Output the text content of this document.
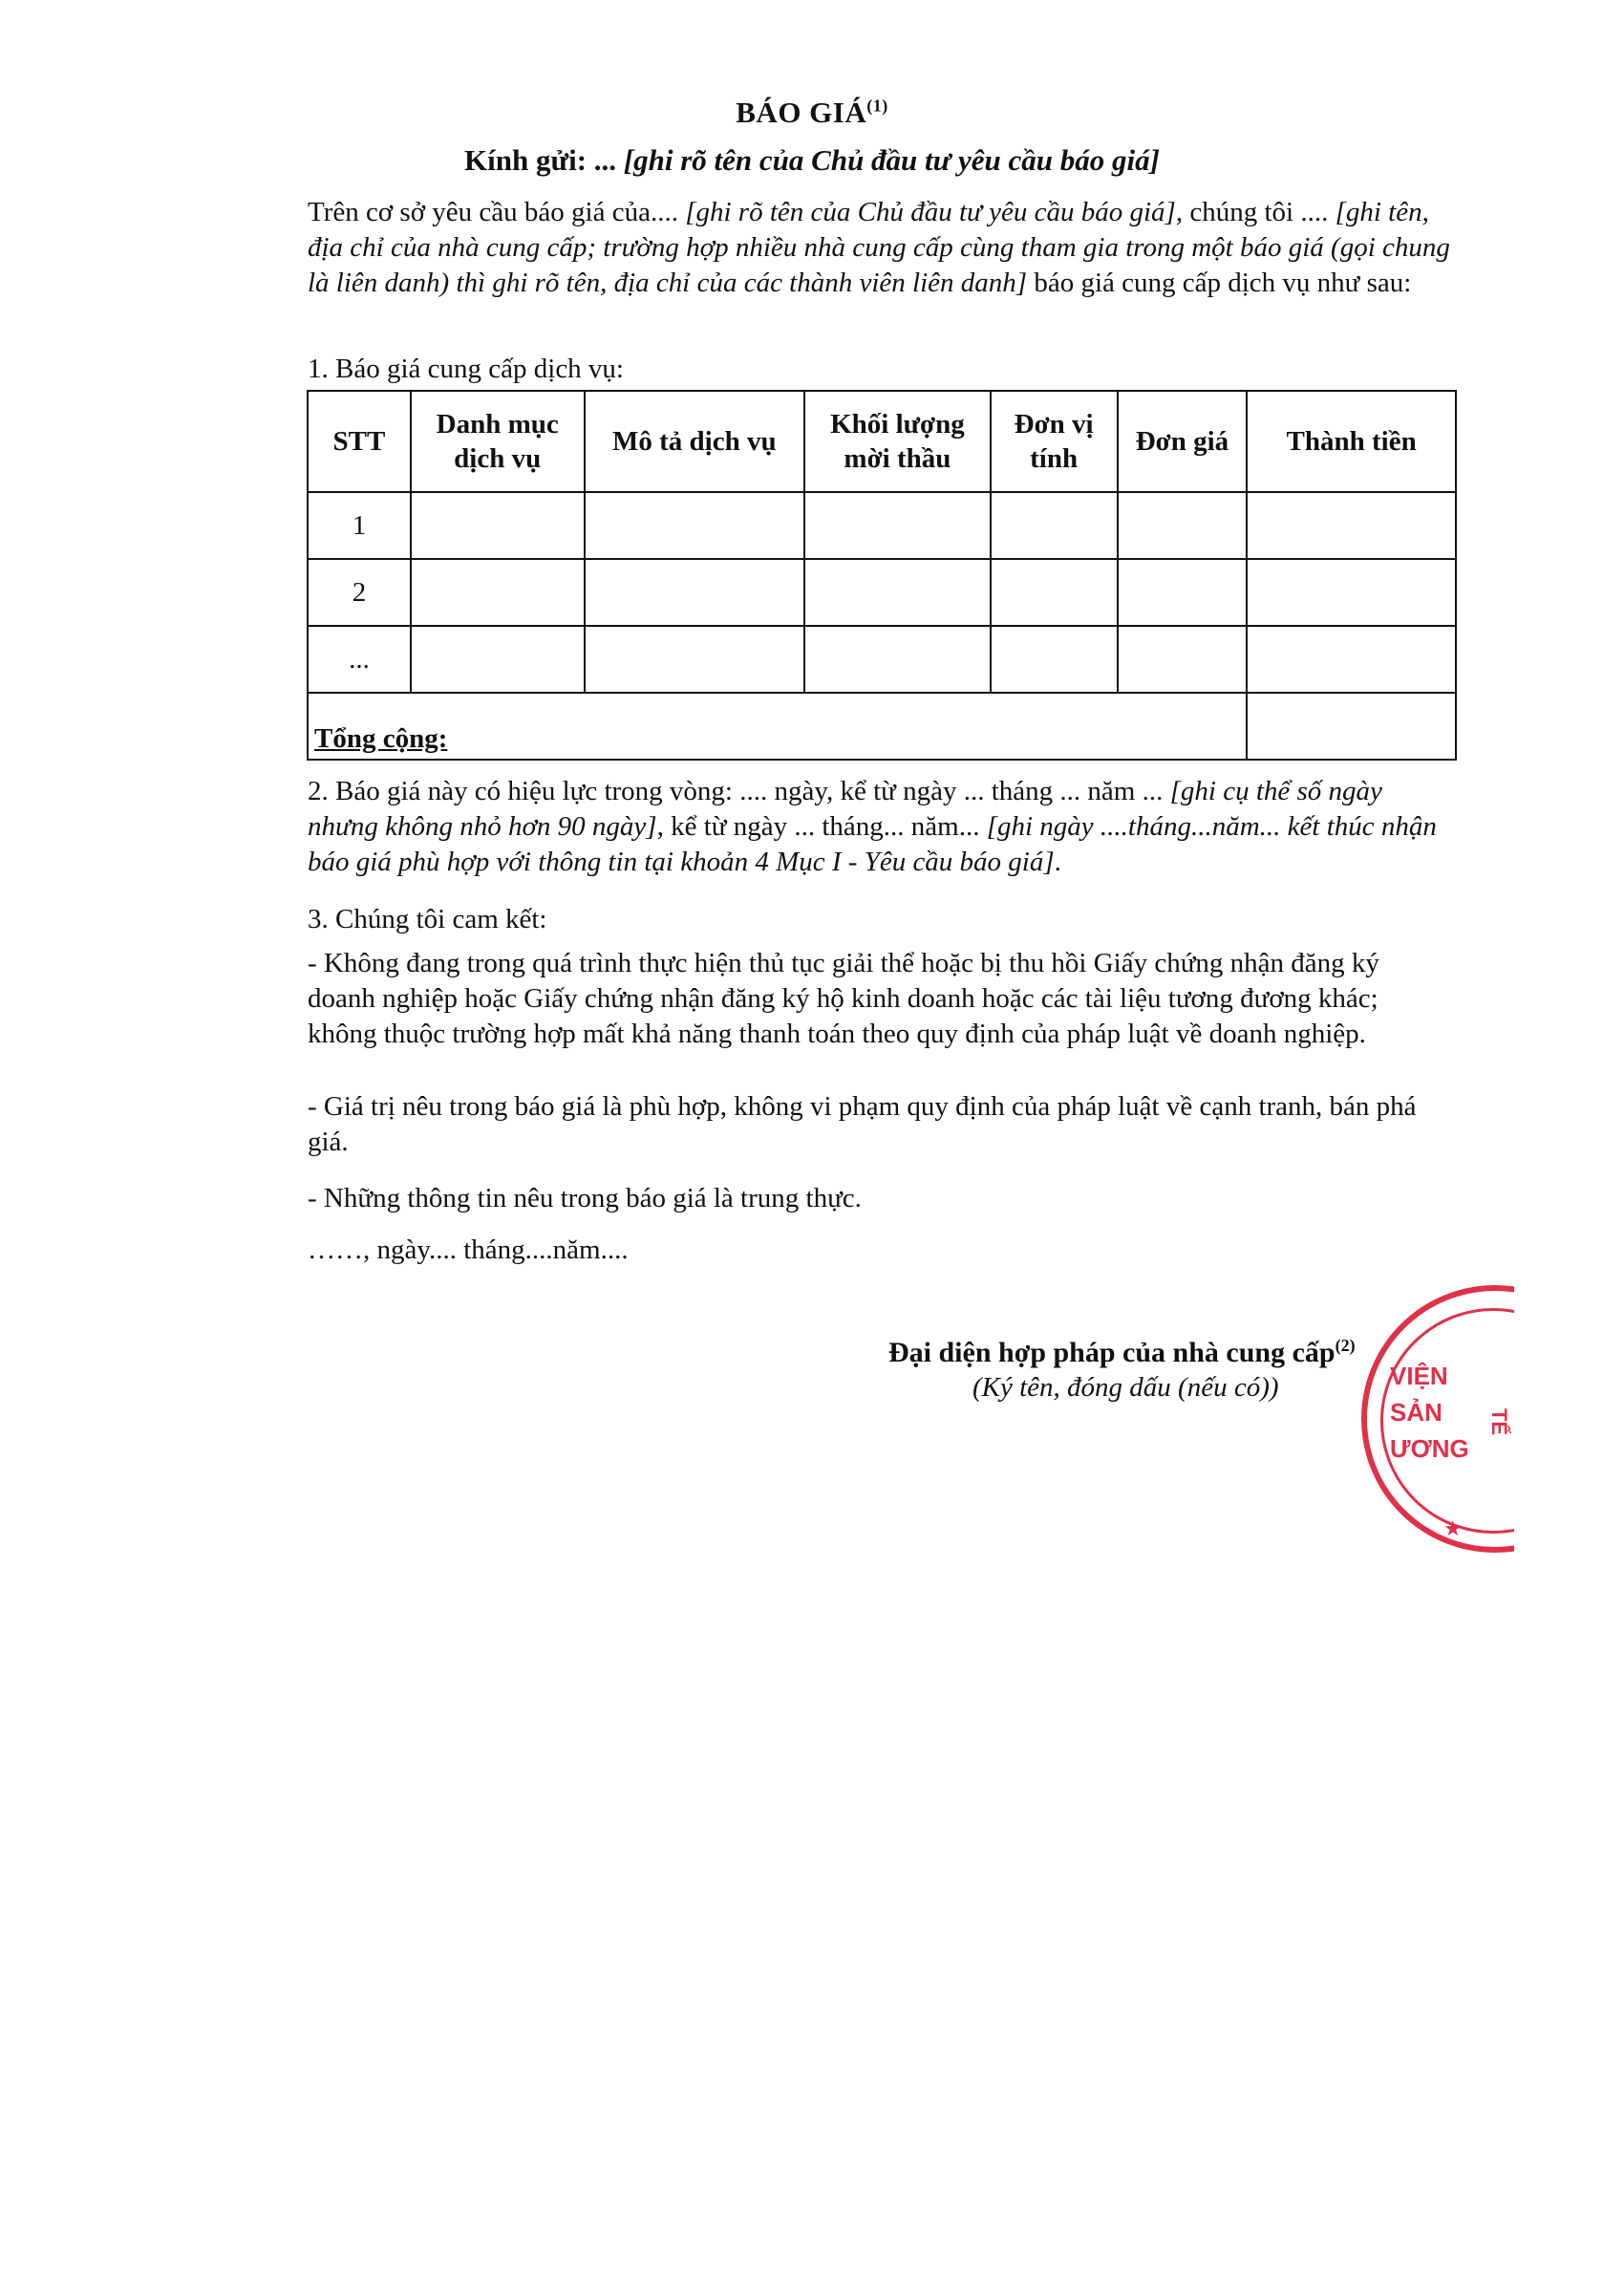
BÁO GIÁ$^{(1)}$
Kính gửi: ... [ghi rõ tên của Chủ đầu tư yêu cầu báo giá]
Trên cơ sở yêu cầu báo giá của.... [ghi rõ tên của Chủ đầu tư yêu cầu báo giá], chúng tôi .... [ghi tên, địa chỉ của nhà cung cấp; trường hợp nhiều nhà cung cấp cùng tham gia trong một báo giá (gọi chung là liên danh) thì ghi rõ tên, địa chỉ của các thành viên liên danh] báo giá cung cấp dịch vụ như sau:
1. Báo giá cung cấp dịch vụ:
STT	Danh mục dịch vụ	Mô tả dịch vụ	Khối lượng mời thầu	Đơn vị tính	Đơn giá	Thành tiền
1						
2						
...						
Tổng cộng:						
2. Báo giá này có hiệu lực trong vòng: .... ngày, kể từ ngày ... tháng ... năm ... [ghi cụ thể số ngày nhưng không nhỏ hơn 90 ngày], kể từ ngày ... tháng... năm... [ghi ngày ....tháng...năm... kết thúc nhận báo giá phù hợp với thông tin tại khoản 4 Mục I - Yêu cầu báo giá].
3. Chúng tôi cam kết:
- Không đang trong quá trình thực hiện thủ tục giải thể hoặc bị thu hồi Giấy chứng nhận đăng ký doanh nghiệp hoặc Giấy chứng nhận đăng ký hộ kinh doanh hoặc các tài liệu tương đương khác; không thuộc trường hợp mất khả năng thanh toán theo quy định của pháp luật về doanh nghiệp.
- Giá trị nêu trong báo giá là phù hợp, không vi phạm quy định của pháp luật về cạnh tranh, bán phá giá.
- Những thông tin nêu trong báo giá là trung thực.
……, ngày.... tháng....năm....
Đại diện hợp pháp của nhà cung cấp$^{(2)}$
(Ký tên, đóng dấu (nếu có))	VIỆN
SẢN
ƯƠNG
TẾ
★
